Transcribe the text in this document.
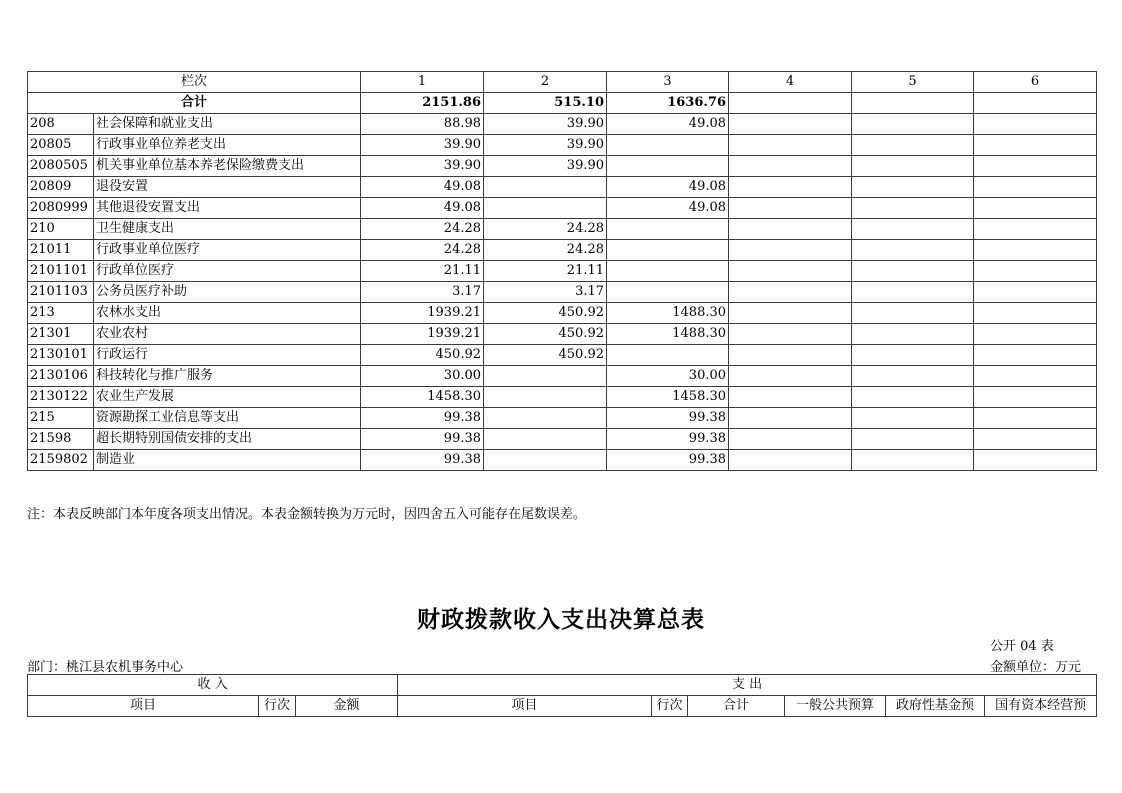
栏次		1	2	3	4	5	6
合计		2151.86	515.10	1636.76			
208	社会保障和就业支出	88.98	39.90	49.08			
20805	行政事业单位养老支出	39.90	39.90				
2080505	机关事业单位基本养老保险缴费支出	39.90	39.90				
20809	退役安置	49.08		49.08			
2080999	其他退役安置支出	49.08		49.08			
210	卫生健康支出	24.28	24.28				
21011	行政事业单位医疗	24.28	24.28				
2101101	行政单位医疗	21.11	21.11				
2101103	公务员医疗补助	3.17	3.17				
213	农林水支出	1939.21	450.92	1488.30			
21301	农业农村	1939.21	450.92	1488.30			
2130101	行政运行	450.92	450.92				
2130106	科技转化与推广服务	30.00		30.00			
2130122	农业生产发展	1458.30		1458.30			
215	资源勘探工业信息等支出	99.38		99.38			
21598	超长期特别国债安排的支出	99.38		99.38			
2159802	制造业	99.38		99.38			
注：本表反映部门本年度各项支出情况。本表金额转换为万元时，因四舍五入可能存在尾数误差。
财政拨款收入支出决算总表
公开 04 表
部门：桃江县农机事务中心	金额单位：万元
收 入			支 出					
项目	行次	金额	项目	行次	合计	一般公共预算	政府性基金预	国有资本经营预
